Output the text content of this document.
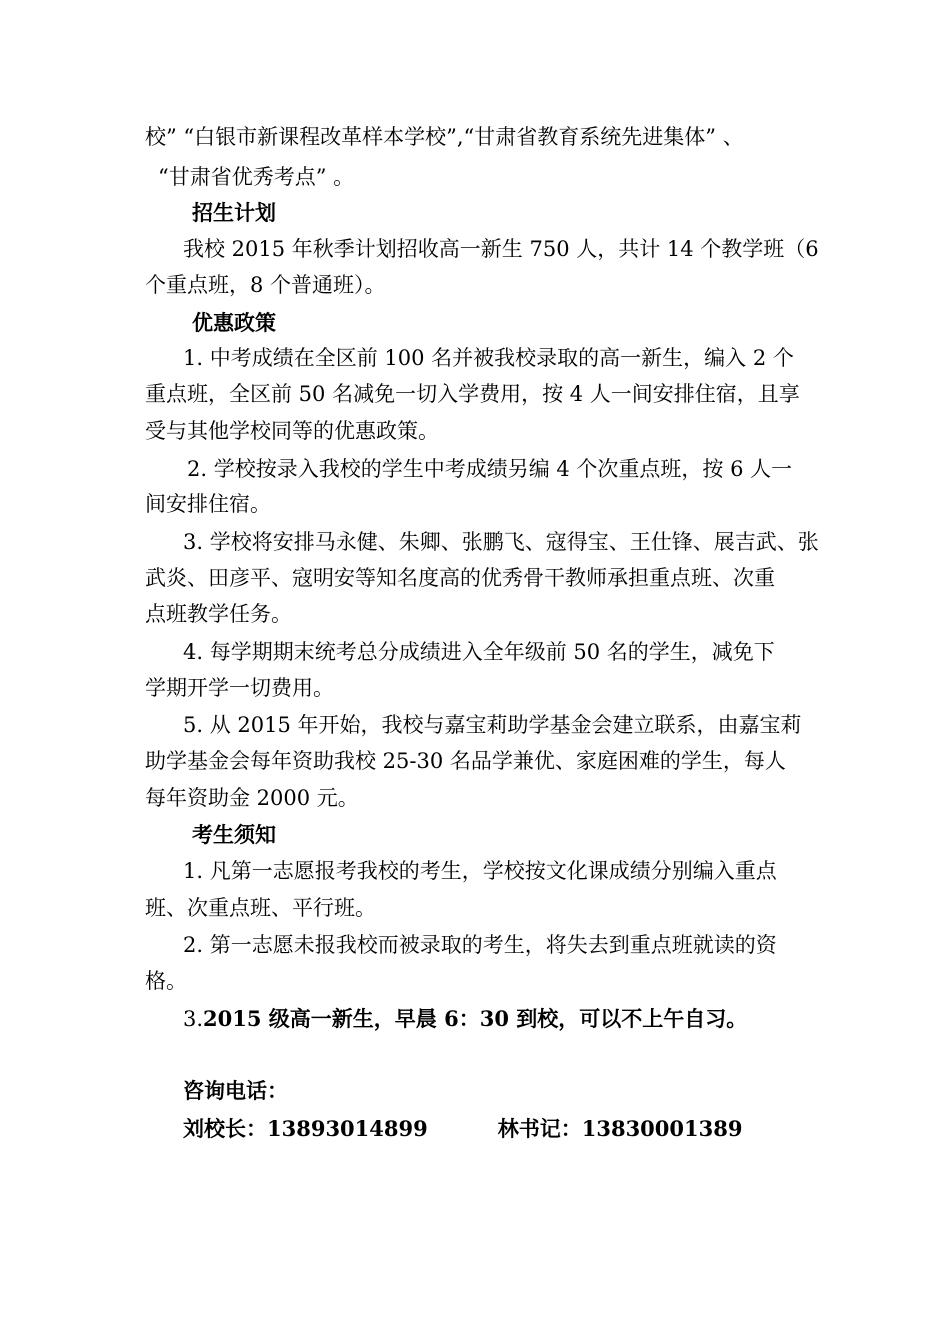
校” “白银市新课程改革样本学校”,“甘肃省教育系统先进集体” 、
“甘肃省优秀考点” 。
招生计划
我校 2015 年秋季计划招收高一新生 750 人，共计 14 个教学班（6
个重点班，8 个普通班）。
优惠政策
1. 中考成绩在全区前 100 名并被我校录取的高一新生，编入 2 个
重点班，全区前 50 名减免一切入学费用，按 4 人一间安排住宿，且享
受与其他学校同等的优惠政策。
2. 学校按录入我校的学生中考成绩另编 4 个次重点班，按 6 人一
间安排住宿。
3. 学校将安排马永健、朱卿、张鹏飞、寇得宝、王仕锋、展吉武、张
武炎、田彦平、寇明安等知名度高的优秀骨干教师承担重点班、次重
点班教学任务。
4. 每学期期末统考总分成绩进入全年级前 50 名的学生，减免下
学期开学一切费用。
5. 从 2015 年开始，我校与嘉宝莉助学基金会建立联系，由嘉宝莉
助学基金会每年资助我校 25-30 名品学兼优、家庭困难的学生，每人
每年资助金 2000 元。
考生须知
1. 凡第一志愿报考我校的考生，学校按文化课成绩分别编入重点
班、次重点班、平行班。
2. 第一志愿未报我校而被录取的考生，将失去到重点班就读的资
格。
3.2015 级高一新生，早晨 6：30 到校，可以不上午自习。
咨询电话：
刘校长：13893014899	林书记：13830001389
